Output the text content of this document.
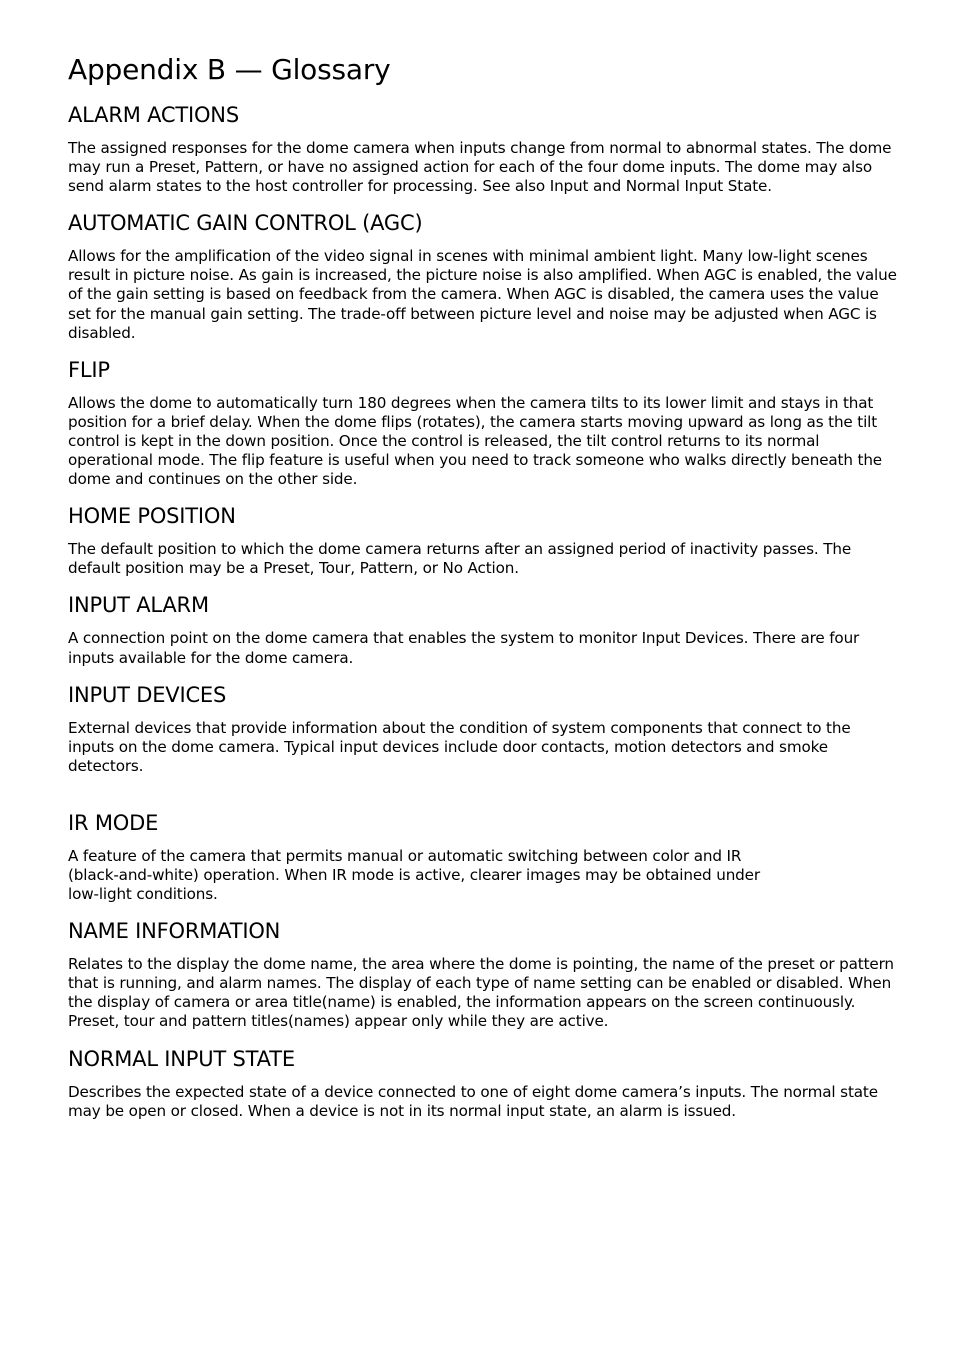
Appendix B — Glossary
ALARM ACTIONS

The assigned responses for the dome camera when inputs change from normal to abnormal states. The dome may run a Preset, Pattern, or have no assigned action for each of the four dome inputs. The dome may also send alarm states to the host controller for processing. See also Input and Normal Input State.

AUTOMATIC GAIN CONTROL (AGC)

Allows for the amplification of the video signal in scenes with minimal ambient light. Many low-light scenes result in picture noise. As gain is increased, the picture noise is also amplified. When AGC is enabled, the value of the gain setting is based on feedback from the camera. When AGC is disabled, the camera uses the value set for the manual gain setting. The trade-off between picture level and noise may be adjusted when AGC is disabled.

FLIP

Allows the dome to automatically turn 180 degrees when the camera tilts to its lower limit and stays in that position for a brief delay. When the dome flips (rotates), the camera starts moving upward as long as the tilt control is kept in the down position. Once the control is released, the tilt control returns to its normal operational mode. The flip feature is useful when you need to track someone who walks directly beneath the dome and continues on the other side.

HOME POSITION

The default position to which the dome camera returns after an assigned period of inactivity passes. The default position may be a Preset, Tour, Pattern, or No Action.

INPUT ALARM

A connection point on the dome camera that enables the system to monitor Input Devices. There are four inputs available for the dome camera.

INPUT DEVICES

External devices that provide information about the condition of system components that connect to the inputs on the dome camera. Typical input devices include door contacts, motion detectors and smoke detectors.

IR MODE

A feature of the camera that permits manual or automatic switching between color and IR (black-and-white) operation. When IR mode is active, clearer images may be obtained under low-light conditions.

NAME INFORMATION

Relates to the display the dome name, the area where the dome is pointing, the name of the preset or pattern that is running, and alarm names. The display of each type of name setting can be enabled or disabled. When the display of camera or area title(name) is enabled, the information appears on the screen continuously. Preset, tour and pattern titles(names) appear only while they are active.

NORMAL INPUT STATE

Describes the expected state of a device connected to one of eight dome camera’s inputs. The normal state may be open or closed. When a device is not in its normal input state, an alarm is issued.
